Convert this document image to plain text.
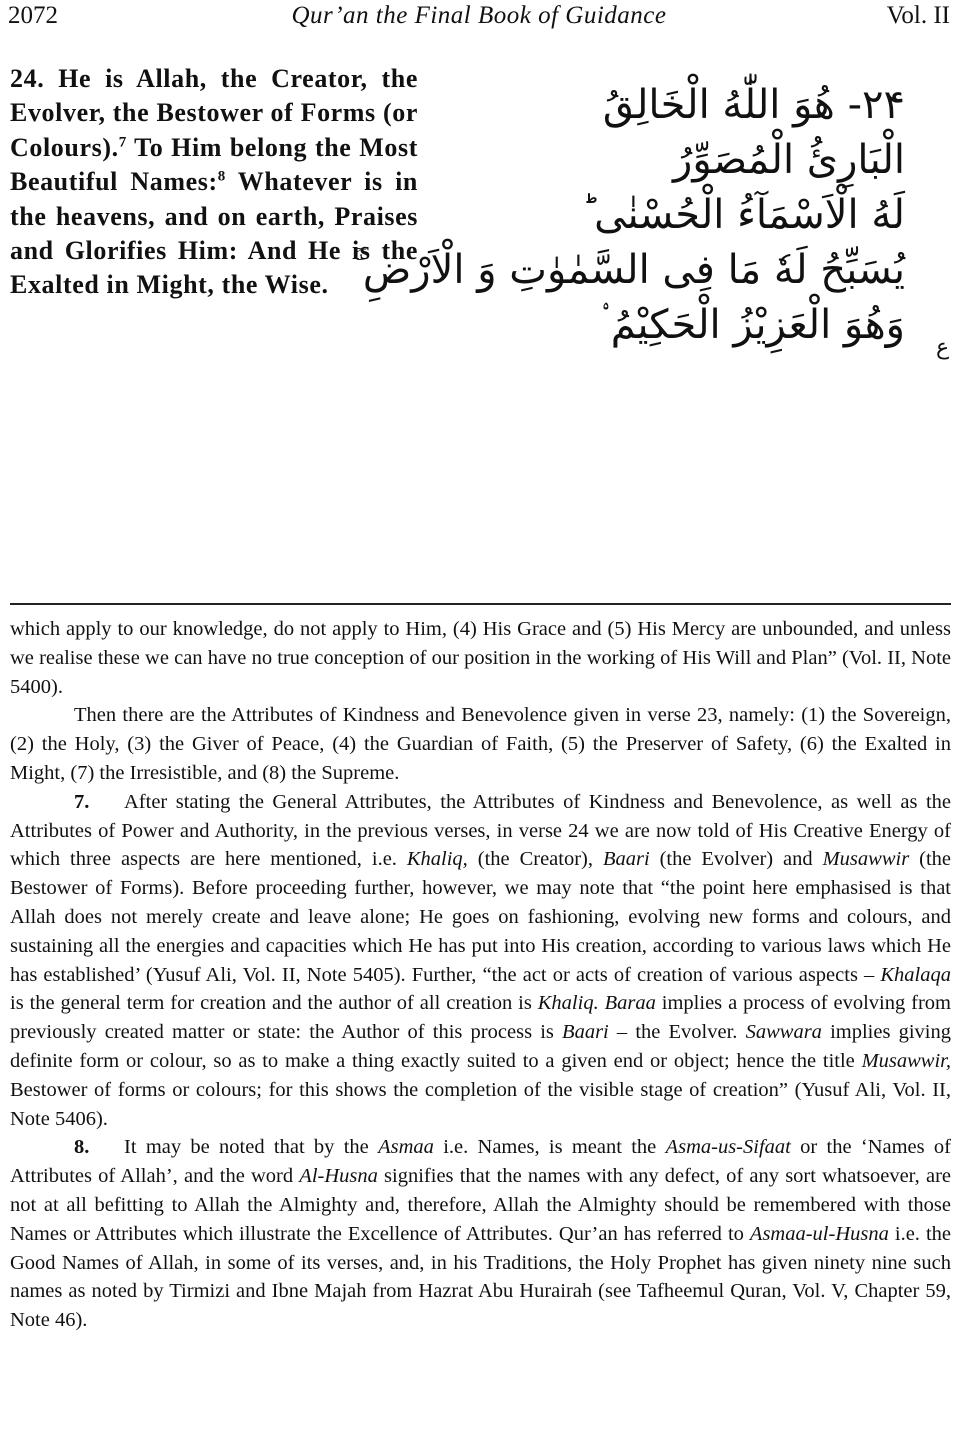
2072	Qur’an the Final Book of Guidance	Vol. II
24. He is Allah, the Creator, the Evolver, the Bestower of Forms (or Colours).$^7$ To Him belong the Most Beautiful Names:$^8$ Whatever is in the heavens, and on earth, Praises and Glorifies Him: And He is the Exalted in Might, the Wise.
۲۴- هُوَ اللّٰهُ الْخَالِقُ
الْبَارِئُ الْمُصَوِّرُ
لَهُ الْاَسْمَآءُ الْحُسْنٰى ؕ
یُسَبِّحُ لَهٗ مَا فِی السَّمٰوٰتِ وَ الْاَرْضِ ۚ
وَهُوَ الْعَزِیْزُ الْحَكِیْمُ ۟ ع

which apply to our knowledge, do not apply to Him, (4) His Grace and (5) His Mercy are unbounded, and unless we realise these we can have no true conception of our position in the working of His Will and Plan” (Vol. II, Note 5400).

Then there are the Attributes of Kindness and Benevolence given in verse 23, namely: (1) the Sovereign, (2) the Holy, (3) the Giver of Peace, (4) the Guardian of Faith, (5) the Preserver of Safety, (6) the Exalted in Might, (7) the Irresistible, and (8) the Supreme.

7. After stating the General Attributes, the Attributes of Kindness and Benevolence, as well as the Attributes of Power and Authority, in the previous verses, in verse 24 we are now told of His Creative Energy of which three aspects are here mentioned, i.e. Khaliq, (the Creator), Baari (the Evolver) and Musawwir (the Bestower of Forms). Before proceeding further, however, we may note that “the point here emphasised is that Allah does not merely create and leave alone; He goes on fashioning, evolving new forms and colours, and sustaining all the energies and capacities which He has put into His creation, according to various laws which He has established’ (Yusuf Ali, Vol. II, Note 5405). Further, “the act or acts of creation of various aspects – Khalaqa is the general term for creation and the author of all creation is Khaliq. Baraa implies a process of evolving from previously created matter or state: the Author of this process is Baari – the Evolver. Sawwara implies giving definite form or colour, so as to make a thing exactly suited to a given end or object; hence the title Musawwir, Bestower of forms or colours; for this shows the completion of the visible stage of creation” (Yusuf Ali, Vol. II, Note 5406).

8. It may be noted that by the Asmaa i.e. Names, is meant the Asma-us-Sifaat or the ‘Names of Attributes of Allah’, and the word Al-Husna signifies that the names with any defect, of any sort whatsoever, are not at all befitting to Allah the Almighty and, therefore, Allah the Almighty should be remembered with those Names or Attributes which illustrate the Excellence of Attributes. Qur’an has referred to Asmaa-ul-Husna i.e. the Good Names of Allah, in some of its verses, and, in his Traditions, the Holy Prophet has given ninety nine such names as noted by Tirmizi and Ibne Majah from Hazrat Abu Hurairah (see Tafheemul Quran, Vol. V, Chapter 59, Note 46).
